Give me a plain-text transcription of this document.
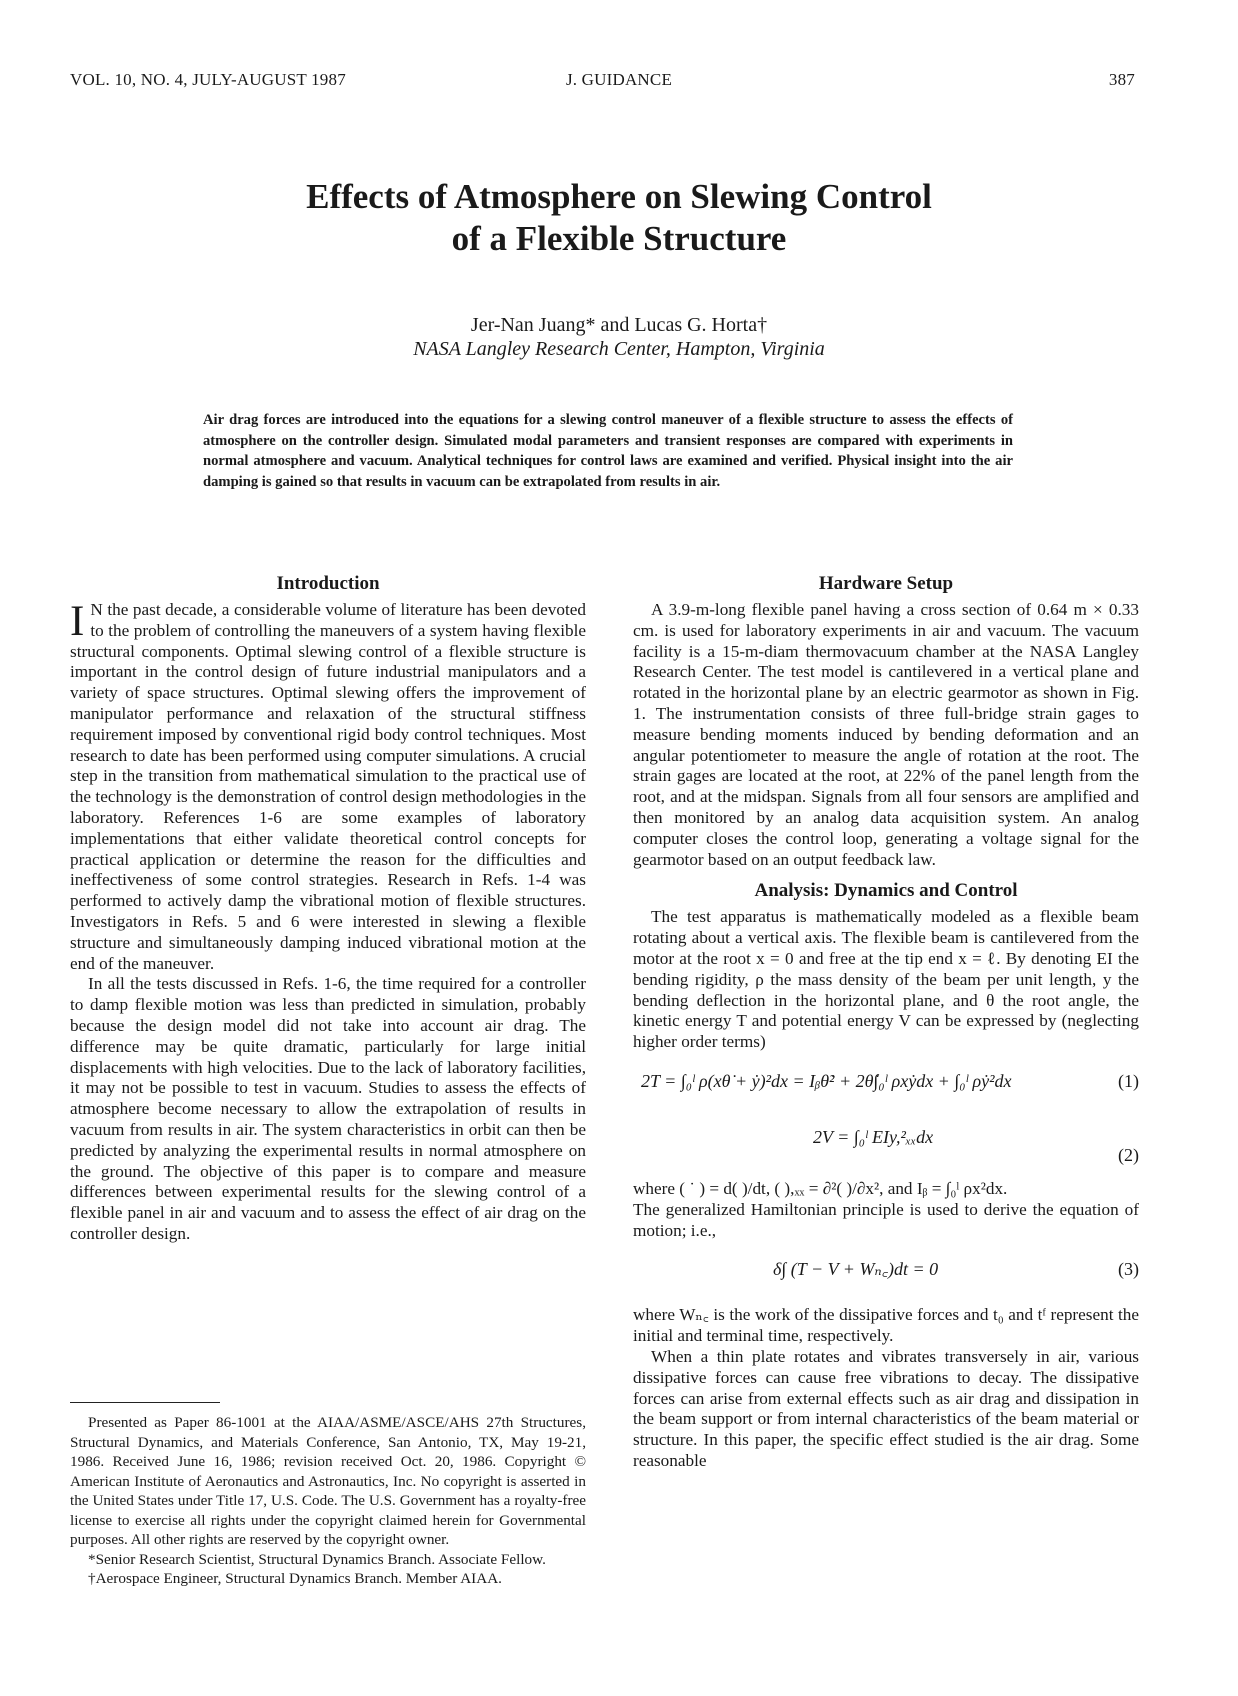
VOL. 10, NO. 4, JULY-AUGUST 1987	J. GUIDANCE	387
Effects of Atmosphere on Slewing Control
of a Flexible Structure
Jer-Nan Juang* and Lucas G. Horta†
NASA Langley Research Center, Hampton, Virginia
Air drag forces are introduced into the equations for a slewing control maneuver of a flexible structure to assess the effects of atmosphere on the controller design. Simulated modal parameters and transient responses are compared with experiments in normal atmosphere and vacuum. Analytical techniques for control laws are examined and verified. Physical insight into the air damping is gained so that results in vacuum can be extrapolated from results in air.
Introduction

I N the past decade, a considerable volume of literature has been devoted to the problem of controlling the maneuvers of a system having flexible structural components. Optimal slewing control of a flexible structure is important in the control design of future industrial manipulators and a variety of space structures. Optimal slewing offers the improvement of manipulator performance and relaxation of the structural stiffness requirement imposed by conventional rigid body control techniques. Most research to date has been performed using computer simulations. A crucial step in the transition from mathematical simulation to the practical use of the technology is the demonstration of control design methodologies in the laboratory. References 1-6 are some examples of laboratory implementations that either validate theoretical control concepts for practical application or determine the reason for the difficulties and ineffectiveness of some control strategies. Research in Refs. 1-4 was performed to actively damp the vibrational motion of flexible structures. Investigators in Refs. 5 and 6 were interested in slewing a flexible structure and simultaneously damping induced vibrational motion at the end of the maneuver.

In all the tests discussed in Refs. 1-6, the time required for a controller to damp flexible motion was less than predicted in simulation, probably because the design model did not take into account air drag. The difference may be quite dramatic, particularly for large initial displacements with high velocities. Due to the lack of laboratory facilities, it may not be possible to test in vacuum. Studies to assess the effects of atmosphere become necessary to allow the extrapolation of results in vacuum from results in air. The system characteristics in orbit can then be predicted by analyzing the experimental results in normal atmosphere on the ground. The objective of this paper is to compare and measure differences between experimental results for the slewing control of a flexible panel in air and vacuum and to assess the effect of air drag on the controller design.

Presented as Paper 86-1001 at the AIAA/ASME/ASCE/AHS 27th Structures, Structural Dynamics, and Materials Conference, San Antonio, TX, May 19-21, 1986. Received June 16, 1986; revision received Oct. 20, 1986. Copyright © American Institute of Aeronautics and Astronautics, Inc. No copyright is asserted in the United States under Title 17, U.S. Code. The U.S. Government has a royalty-free license to exercise all rights under the copyright claimed herein for Governmental purposes. All other rights are reserved by the copyright owner.

*Senior Research Scientist, Structural Dynamics Branch. Associate Fellow.

†Aerospace Engineer, Structural Dynamics Branch. Member AIAA.

Hardware Setup

A 3.9-m-long flexible panel having a cross section of 0.64 m × 0.33 cm. is used for laboratory experiments in air and vacuum. The vacuum facility is a 15-m-diam thermovacuum chamber at the NASA Langley Research Center. The test model is cantilevered in a vertical plane and rotated in the horizontal plane by an electric gearmotor as shown in Fig. 1. The instrumentation consists of three full-bridge strain gages to measure bending moments induced by bending deformation and an angular potentiometer to measure the angle of rotation at the root. The strain gages are located at the root, at 22% of the panel length from the root, and at the midspan. Signals from all four sensors are amplified and then monitored by an analog data acquisition system. An analog computer closes the control loop, generating a voltage signal for the gearmotor based on an output feedback law.

Analysis: Dynamics and Control

The test apparatus is mathematically modeled as a flexible beam rotating about a vertical axis. The flexible beam is cantilevered from the motor at the root x = 0 and free at the tip end x = ℓ. By denoting EI the bending rigidity, ρ the mass density of the beam per unit length, y the bending deflection in the horizontal plane, and θ the root angle, the kinetic energy T and potential energy V can be expressed by (neglecting higher order terms)

2T = ∫₀ˡ ρ(xθ̇ + ẏ)²dx = Iᵦθ̇² + 2θ̇∫₀ˡ ρxẏdx + ∫₀ˡ ρẏ²dx	(1)
2V = ∫₀ˡ EIy,²ₓₓdx
(2)

where ( ˙ ) = d( )/dt, ( ),ₓₓ = ∂²( )/∂x², and Iᵦ = ∫₀ˡ ρx²dx.

The generalized Hamiltonian principle is used to derive the equation of motion; i.e.,

δ∫ (T − V + Wₙ꜀)dt = 0	(3)

where Wₙ꜀ is the work of the dissipative forces and t₀ and tᶠ represent the initial and terminal time, respectively.

When a thin plate rotates and vibrates transversely in air, various dissipative forces can cause free vibrations to decay. The dissipative forces can arise from external effects such as air drag and dissipation in the beam support or from internal characteristics of the beam material or structure. In this paper, the specific effect studied is the air drag. Some reasonable
